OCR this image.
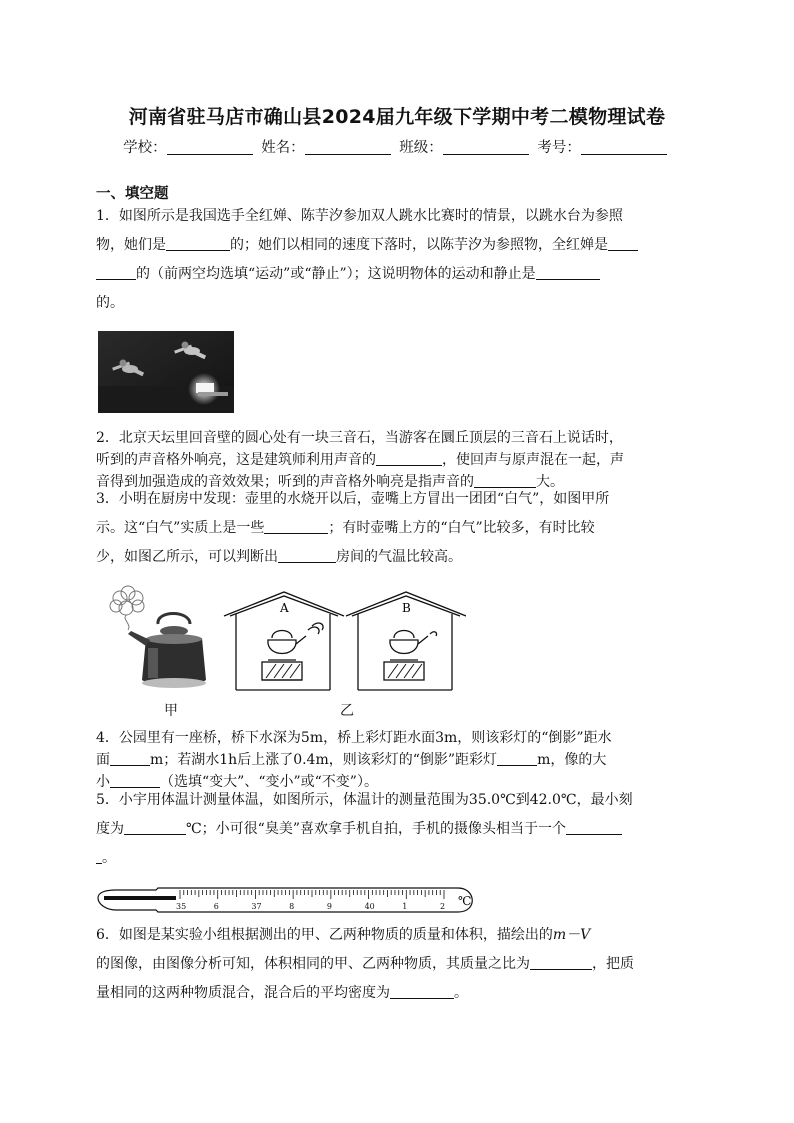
河南省驻马店市确山县2024届九年级下学期中考二模物理试卷
学校：	姓名：	班级：	考号：
一、填空题
1．如图所示是我国选手全红婵、陈芋汐参加双人跳水比赛时的情景，以跳水台为参照
物，她们是	的；她们以相同的速度下落时，以陈芋汐为参照物，全红婵是
的（前两空均选填“运动”或“静止”）；这说明物体的运动和静止是
的。
2．北京天坛里回音壁的圆心处有一块三音石，当游客在圜丘顶层的三音石上说话时，
听到的声音格外响亮，这是建筑师利用声音的	，使回声与原声混在一起，声
音得到加强造成的音效效果；听到的声音格外响亮是指声音的	大。
3．小明在厨房中发现：壶里的水烧开以后，壶嘴上方冒出一团团“白气”，如图甲所
示。这“白气”实质上是一些	；有时壶嘴上方的“白气”比较多，有时比较
少，如图乙所示，可以判断出	房间的气温比较高。
甲
A	B
乙
4．公园里有一座桥，桥下水深为5m，桥上彩灯距水面3m，则该彩灯的“倒影”距水
面	m；若湖水1h后上涨了0.4m，则该彩灯的“倒影”距彩灯	m，像的大
小	（选填“变大”、“变小”或“不变”）。
5．小宇用体温计测量体温，如图所示，体温计的测量范围为35.0℃到42.0℃，最小刻
度为	℃；小可很“臭美”喜欢拿手机自拍，手机的摄像头相当于一个
。
35	6	37	8	9	40	1	2 ℃
6．如图是某实验小组根据测出的甲、乙两种物质的质量和体积，描绘出的m－V
的图像，由图像分析可知，体积相同的甲、乙两种物质，其质量之比为	，把质
量相同的这两种物质混合，混合后的平均密度为	。
